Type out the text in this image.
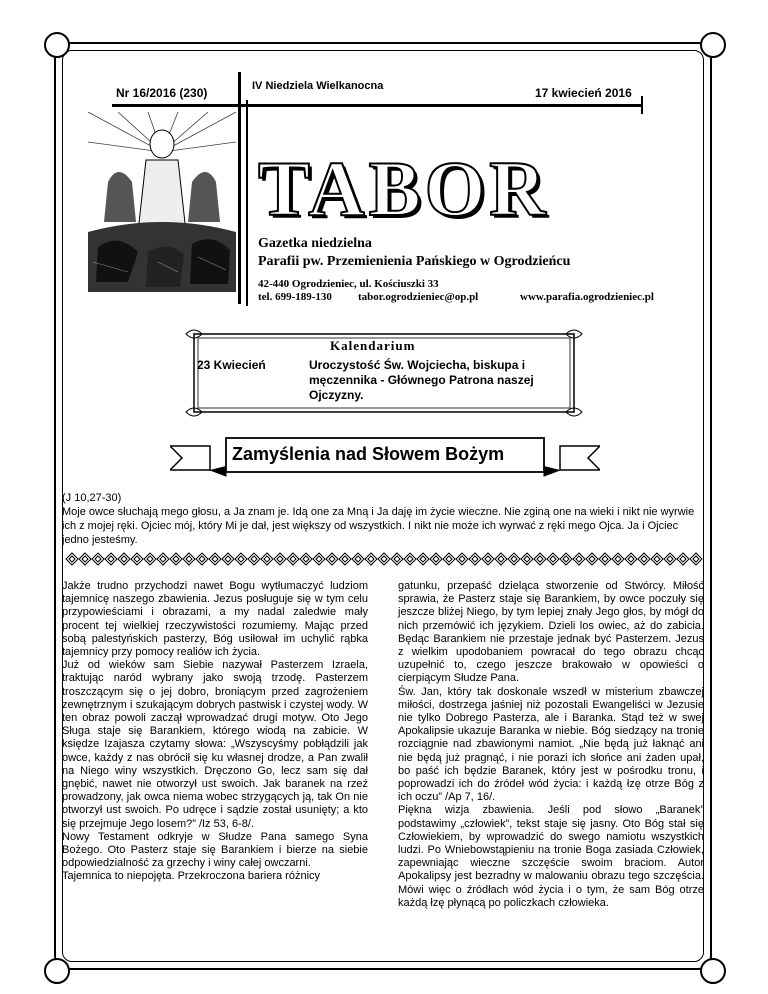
Nr 16/2016 (230)	IV Niedziela Wielkanocna	17 kwiecień 2016
TABOR
Gazetka niedzielna
Parafii pw. Przemienienia Pańskiego w Ogrodzieńcu
42-440 Ogrodzieniec, ul. Kościuszki 33
tel. 699-189-130 tabor.ogrodzieniec@op.pl	www.parafia.ogrodzieniec.pl
Kalendarium
23 Kwiecień	Uroczystość Św. Wojciecha, biskupa i męczennika - Głównego Patrona naszej Ojczyzny.
Zamyślenia nad Słowem Bożym
(J 10,27-30)
Moje owce słuchają mego głosu, a Ja znam je. Idą one za Mną i Ja daję im życie wieczne. Nie zginą one na wieki i nikt nie wyrwie ich z mojej ręki. Ojciec mój, który Mi je dał, jest większy od wszystkich. I nikt nie może ich wyrwać z ręki mego Ojca. Ja i Ojciec jedno jesteśmy.

Jakże trudno przychodzi nawet Bogu wytłumaczyć ludziom tajemnicę naszego zbawienia. Jezus posługuje się w tym celu przypowieściami i obrazami, a my nadal zaledwie mały procent tej wielkiej rzeczywistości rozumiemy. Mając przed sobą palestyńskich pasterzy, Bóg usiłował im uchylić rąbka tajemnicy przy pomocy realiów ich życia.

Już od wieków sam Siebie nazywał Pasterzem Izraela, traktując naród wybrany jako swoją trzodę. Pasterzem troszczącym się o jej dobro, broniącym przed zagrożeniem zewnętrznym i szukającym dobrych pastwisk i czystej wody. W ten obraz powoli zaczął wprowadzać drugi motyw. Oto Jego Sługa staje się Barankiem, którego wiodą na zabicie. W księdze Izajasza czytamy słowa: „Wszyscyśmy pobłądzili jak owce, każdy z nas obrócił się ku własnej drodze, a Pan zwalił na Niego winy wszystkich. Dręczono Go, lecz sam się dał gnębić, nawet nie otworzył ust swoich. Jak baranek na rzeź prowadzony, jak owca niema wobec strzygących ją, tak On nie otworzył ust swoich. Po udręce i sądzie został usunięty; a kto się przejmuje Jego losem?” /Iz 53, 6-8/.

Nowy Testament odkryje w Słudze Pana samego Syna Bożego. Oto Pasterz staje się Barankiem i bierze na siebie odpowiedzialność za grzechy i winy całej owczarni.

Tajemnica to niepojęta. Przekroczona bariera różnicy

gatunku, przepaść dzieląca stworzenie od Stwórcy. Miłość sprawia, że Pasterz staje się Barankiem, by owce poczuły się jeszcze bliżej Niego, by tym lepiej znały Jego głos, by mógł do nich przemówić ich językiem. Dzieli los owiec, aż do zabicia. Będąc Barankiem nie przestaje jednak być Pasterzem. Jezus z wielkim upodobaniem powracał do tego obrazu chcąc uzupełnić to, czego jeszcze brakowało w opowieści o cierpiącym Słudze Pana.

Św. Jan, który tak doskonale wszedł w misterium zbawczej miłości, dostrzega jaśniej niż pozostali Ewangeliści w Jezusie nie tylko Dobrego Pasterza, ale i Baranka. Stąd też w swej Apokalipsie ukazuje Baranka w niebie. Bóg siedzący na tronie rozciągnie nad zbawionymi namiot. „Nie będą już łaknąć ani nie będą już pragnąć, i nie porazi ich słońce ani żaden upał, bo paść ich będzie Baranek, który jest w pośrodku tronu, i poprowadzi ich do źródeł wód życia: i każdą łzę otrze Bóg z ich oczu” /Ap 7, 16/.

Piękna wizja zbawienia. Jeśli pod słowo „Baranek” podstawimy „człowiek”, tekst staje się jasny. Oto Bóg stał się Człowiekiem, by wprowadzić do swego namiotu wszystkich ludzi. Po Wniebowstąpieniu na tronie Boga zasiada Człowiek, zapewniając wieczne szczęście swoim braciom. Autor Apokalipsy jest bezradny w malowaniu obrazu tego szczęścia. Mówi więc o źródłach wód życia i o tym, że sam Bóg otrze każdą łzę płynącą po policzkach człowieka.
